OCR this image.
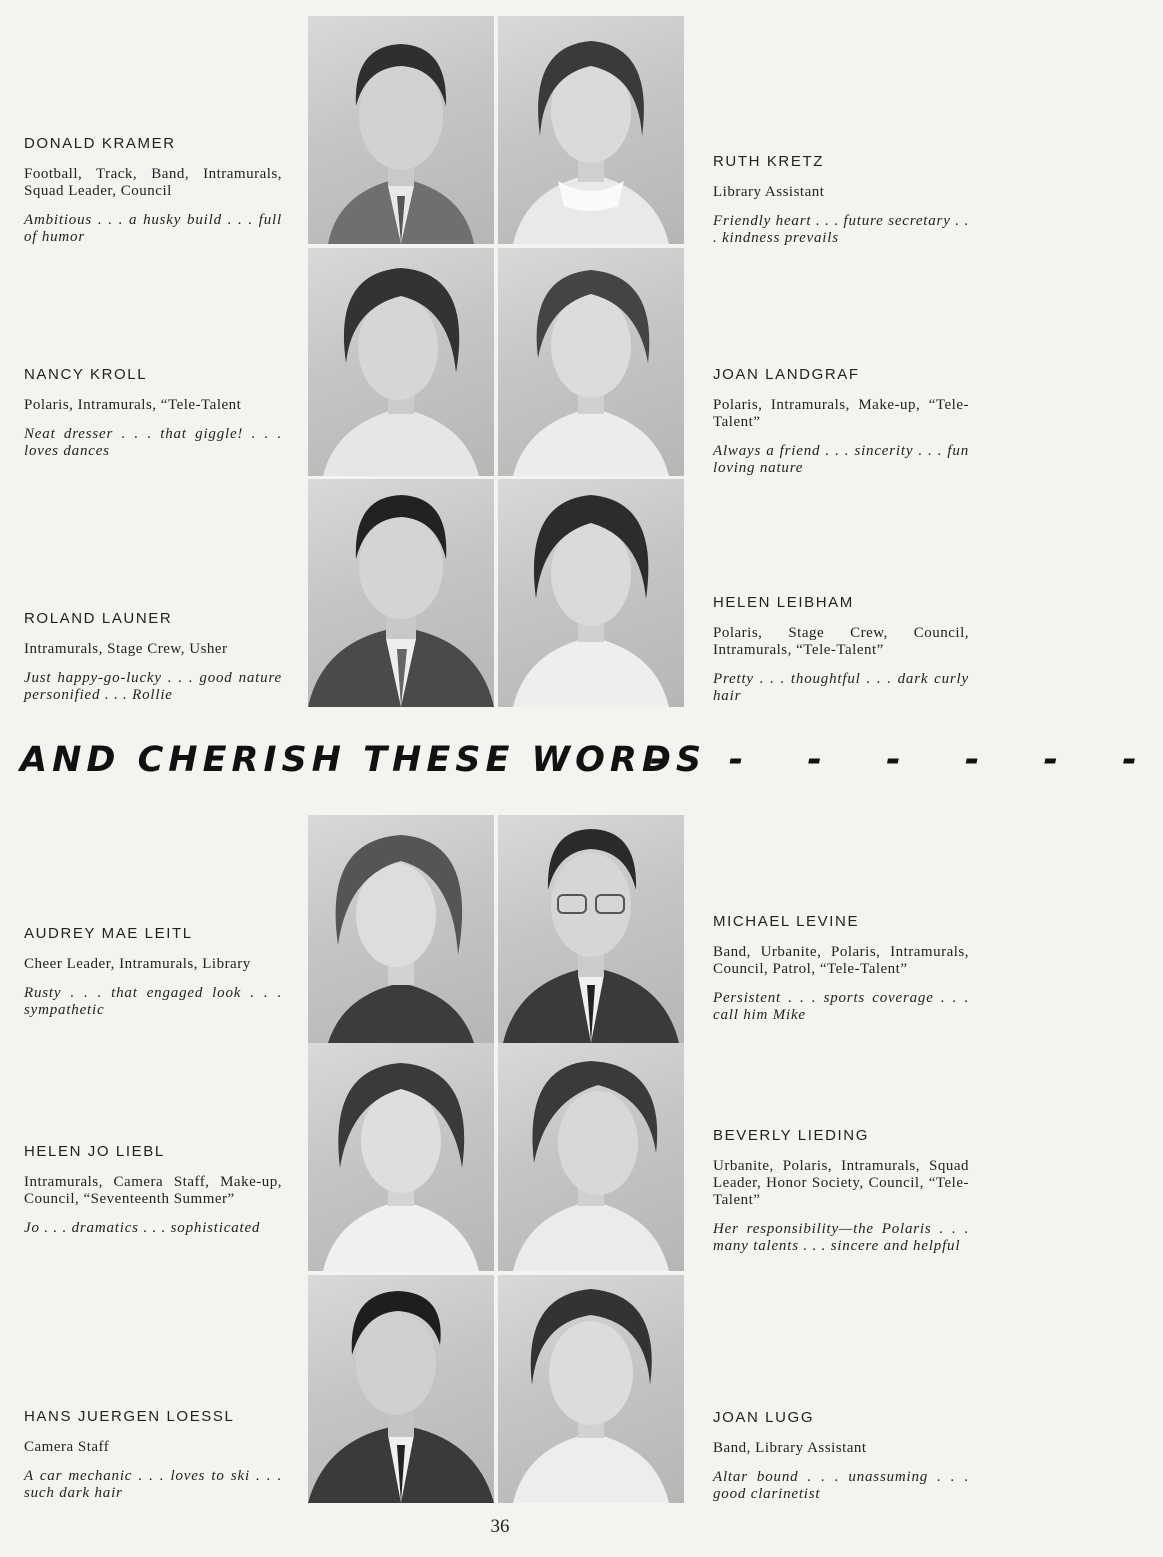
DONALD KRAMER
Football, Track, Band, Intramurals, Squad Leader, Council
Ambitious . . . a husky build . . . full of humor
RUTH KRETZ
Library Assistant
Friendly heart . . . future secretary . . . kindness prevails
NANCY KROLL
Polaris, Intramurals, “Tele-Talent
Neat dresser . . . that giggle! . . . loves dances
JOAN LANDGRAF
Polaris, Intramurals, Make-up, “Tele-Talent”
Always a friend . . . sincerity . . . fun loving nature
ROLAND LAUNER
Intramurals, Stage Crew, Usher
Just happy-go-lucky . . . good nature personified . . . Rollie
HELEN LEIBHAM
Polaris, Stage Crew, Council, Intramurals, “Tele-Talent”
Pretty . . . thoughtful . . . dark curly hair
AND CHERISH THESE WORDS
- - - - - - -
AUDREY MAE LEITL
Cheer Leader, Intramurals, Library
Rusty . . . that engaged look . . . sympathetic
MICHAEL LEVINE
Band, Urbanite, Polaris, Intramurals, Council, Patrol, “Tele-Talent”
Persistent . . . sports coverage . . . call him Mike
HELEN JO LIEBL
Intramurals, Camera Staff, Make-up, Council, “Seventeenth Summer”
Jo . . . dramatics . . . sophisticated
BEVERLY LIEDING
Urbanite, Polaris, Intramurals, Squad Leader, Honor Society, Council, “Tele-Talent”
Her responsibility—the Polaris . . . many talents . . . sincere and helpful
HANS JUERGEN LOESSL
Camera Staff
A car mechanic . . . loves to ski . . . such dark hair
JOAN LUGG
Band, Library Assistant
Altar bound . . . unassuming . . . good clarinetist
36
